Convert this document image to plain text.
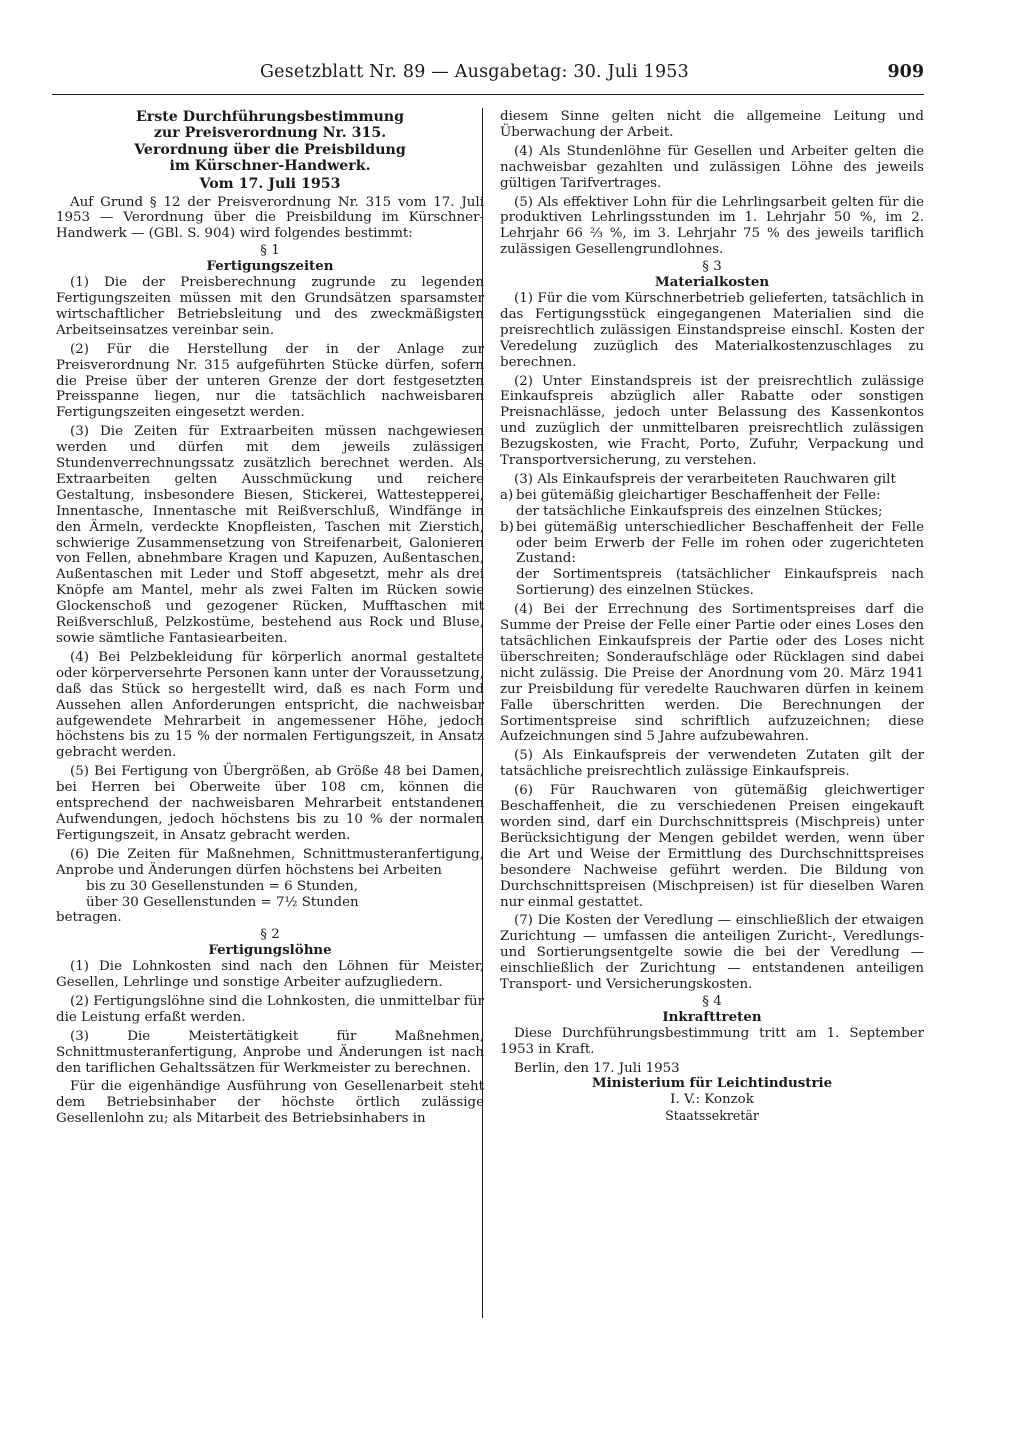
Gesetzblatt Nr. 89 — Ausgabetag: 30. Juli 1953	909
Erste Durchführungsbestimmung
zur Preisverordnung Nr. 315.
Verordnung über die Preisbildung
im Kürschner-Handwerk.
Vom 17. Juli 1953

Auf Grund § 12 der Preisverordnung Nr. 315 vom 17. Juli 1953 — Verordnung über die Preisbildung im Kürschner-Handwerk — (GBl. S. 904) wird folgendes bestimmt:

§ 1
Fertigungszeiten

(1) Die der Preisberechnung zugrunde zu legenden Fertigungszeiten müssen mit den Grundsätzen sparsamster wirtschaftlicher Betriebsleitung und des zweckmäßigsten Arbeitseinsatzes vereinbar sein.

(2) Für die Herstellung der in der Anlage zur Preisverordnung Nr. 315 aufgeführten Stücke dürfen, sofern die Preise über der unteren Grenze der dort festgesetzten Preisspanne liegen, nur die tatsächlich nachweisbaren Fertigungszeiten eingesetzt werden.

(3) Die Zeiten für Extraarbeiten müssen nachgewiesen werden und dürfen mit dem jeweils zulässigen Stundenverrechnungssatz zusätzlich berechnet werden. Als Extraarbeiten gelten Ausschmückung und reichere Gestaltung, insbesondere Biesen, Stickerei, Wattestepperei, Innentasche, Innentasche mit Reißverschluß, Windfänge in den Ärmeln, verdeckte Knopfleisten, Taschen mit Zierstich, schwierige Zusammensetzung von Streifenarbeit, Galonieren von Fellen, abnehmbare Kragen und Kapuzen, Außentaschen, Außentaschen mit Leder und Stoff abgesetzt, mehr als drei Knöpfe am Mantel, mehr als zwei Falten im Rücken sowie Glockenschoß und gezogener Rücken, Mufftaschen mit Reißverschluß, Pelzkostüme, bestehend aus Rock und Bluse, sowie sämtliche Fantasiearbeiten.

(4) Bei Pelzbekleidung für körperlich anormal gestaltete oder körperversehrte Personen kann unter der Voraussetzung, daß das Stück so hergestellt wird, daß es nach Form und Aussehen allen Anforderungen entspricht, die nachweisbar aufgewendete Mehrarbeit in angemessener Höhe, jedoch höchstens bis zu 15 % der normalen Fertigungszeit, in Ansatz gebracht werden.

(5) Bei Fertigung von Übergrößen, ab Größe 48 bei Damen, bei Herren bei Oberweite über 108 cm, können die entsprechend der nachweisbaren Mehrarbeit entstandenen Aufwendungen, jedoch höchstens bis zu 10 % der normalen Fertigungszeit, in Ansatz gebracht werden.

(6) Die Zeiten für Maßnehmen, Schnittmusteranfertigung, Anprobe und Änderungen dürfen höchstens bei Arbeiten

bis zu 30 Gesellenstunden = 6 Stunden,
über 30 Gesellenstunden = 7½ Stunden
betragen.
§ 2
Fertigungslöhne

(1) Die Lohnkosten sind nach den Löhnen für Meister, Gesellen, Lehrlinge und sonstige Arbeiter aufzugliedern.

(2) Fertigungslöhne sind die Lohnkosten, die unmittelbar für die Leistung erfaßt werden.

(3) Die Meistertätigkeit für Maßnehmen, Schnittmusteranfertigung, Anprobe und Änderungen ist nach den tariflichen Gehaltssätzen für Werkmeister zu berechnen.

Für die eigenhändige Ausführung von Gesellenarbeit steht dem Betriebsinhaber der höchste örtlich zulässige Gesellenlohn zu; als Mitarbeit des Betriebsinhabers in

diesem Sinne gelten nicht die allgemeine Leitung und Überwachung der Arbeit.

(4) Als Stundenlöhne für Gesellen und Arbeiter gelten die nachweisbar gezahlten und zulässigen Löhne des jeweils gültigen Tarifvertrages.

(5) Als effektiver Lohn für die Lehrlingsarbeit gelten für die produktiven Lehrlingsstunden im 1. Lehrjahr 50 %, im 2. Lehrjahr 66 ⅔ %, im 3. Lehrjahr 75 % des jeweils tariflich zulässigen Gesellengrundlohnes.

§ 3
Materialkosten

(1) Für die vom Kürschnerbetrieb gelieferten, tatsächlich in das Fertigungsstück eingegangenen Materialien sind die preisrechtlich zulässigen Einstandspreise einschl. Kosten der Veredelung zuzüglich des Materialkostenzuschlages zu berechnen.

(2) Unter Einstandspreis ist der preisrechtlich zulässige Einkaufspreis abzüglich aller Rabatte oder sonstigen Preisnachlässe, jedoch unter Belassung des Kassenkontos und zuzüglich der unmittelbaren preisrechtlich zulässigen Bezugskosten, wie Fracht, Porto, Zufuhr, Verpackung und Transportversicherung, zu verstehen.

(3) Als Einkaufspreis der verarbeiteten Rauchwaren gilt

a) bei gütemäßig gleichartiger Beschaffenheit der Felle:
der tatsächliche Einkaufspreis des einzelnen Stückes;
b) bei gütemäßig unterschiedlicher Beschaffenheit der Felle oder beim Erwerb der Felle im rohen oder zugerichteten Zustand:
der Sortimentspreis (tatsächlicher Einkaufspreis nach Sortierung) des einzelnen Stückes.

(4) Bei der Errechnung des Sortimentspreises darf die Summe der Preise der Felle einer Partie oder eines Loses den tatsächlichen Einkaufspreis der Partie oder des Loses nicht überschreiten; Sonderaufschläge oder Rücklagen sind dabei nicht zulässig. Die Preise der Anordnung vom 20. März 1941 zur Preisbildung für veredelte Rauchwaren dürfen in keinem Falle überschritten werden. Die Berechnungen der Sortimentspreise sind schriftlich aufzuzeichnen; diese Aufzeichnungen sind 5 Jahre aufzubewahren.

(5) Als Einkaufspreis der verwendeten Zutaten gilt der tatsächliche preisrechtlich zulässige Einkaufspreis.

(6) Für Rauchwaren von gütemäßig gleichwertiger Beschaffenheit, die zu verschiedenen Preisen eingekauft worden sind, darf ein Durchschnittspreis (Mischpreis) unter Berücksichtigung der Mengen gebildet werden, wenn über die Art und Weise der Ermittlung des Durchschnittspreises besondere Nachweise geführt werden. Die Bildung von Durchschnittspreisen (Mischpreisen) ist für dieselben Waren nur einmal gestattet.

(7) Die Kosten der Veredlung — einschließlich der etwaigen Zurichtung — umfassen die anteiligen Zuricht-, Veredlungs- und Sortierungsentgelte sowie die bei der Veredlung — einschließlich der Zurichtung — entstandenen anteiligen Transport- und Versicherungskosten.

§ 4
Inkrafttreten

Diese Durchführungsbestimmung tritt am 1. September 1953 in Kraft.

Berlin, den 17. Juli 1953

Ministerium für Leichtindustrie
I. V.: Konzok
Staatssekretär
